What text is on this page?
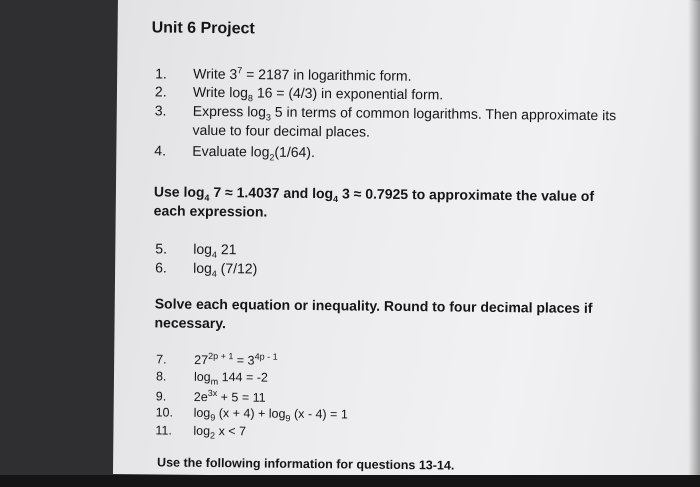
Unit 6 Project
1. Write $3^7 = 2187$ in logarithmic form.
2. Write $\log_8 16 = (4/3)$ in exponential form.
3. Express $\log_3 5$ in terms of common logarithms. Then approximate its
value to four decimal places.
4. Evaluate $\log_2(1/64)$.
Use $\log_4 7 \approx 1.4037$ and $\log_4 3 \approx 0.7925$ to approximate the value of
each expression.
5. $\log_4 21$
6. $\log_4 (7/12)$
Solve each equation or inequality. Round to four decimal places if
necessary.
7. $27^{2p + 1} = 3^{4p - 1}$
8. $\log_m 144 = -2$
9. $2e^{3x} + 5 = 11$
10. $\log_9 (x + 4) + \log_9 (x - 4) = 1$
11. $\log_2 x < 7$
Use the following information for questions 13-14.
